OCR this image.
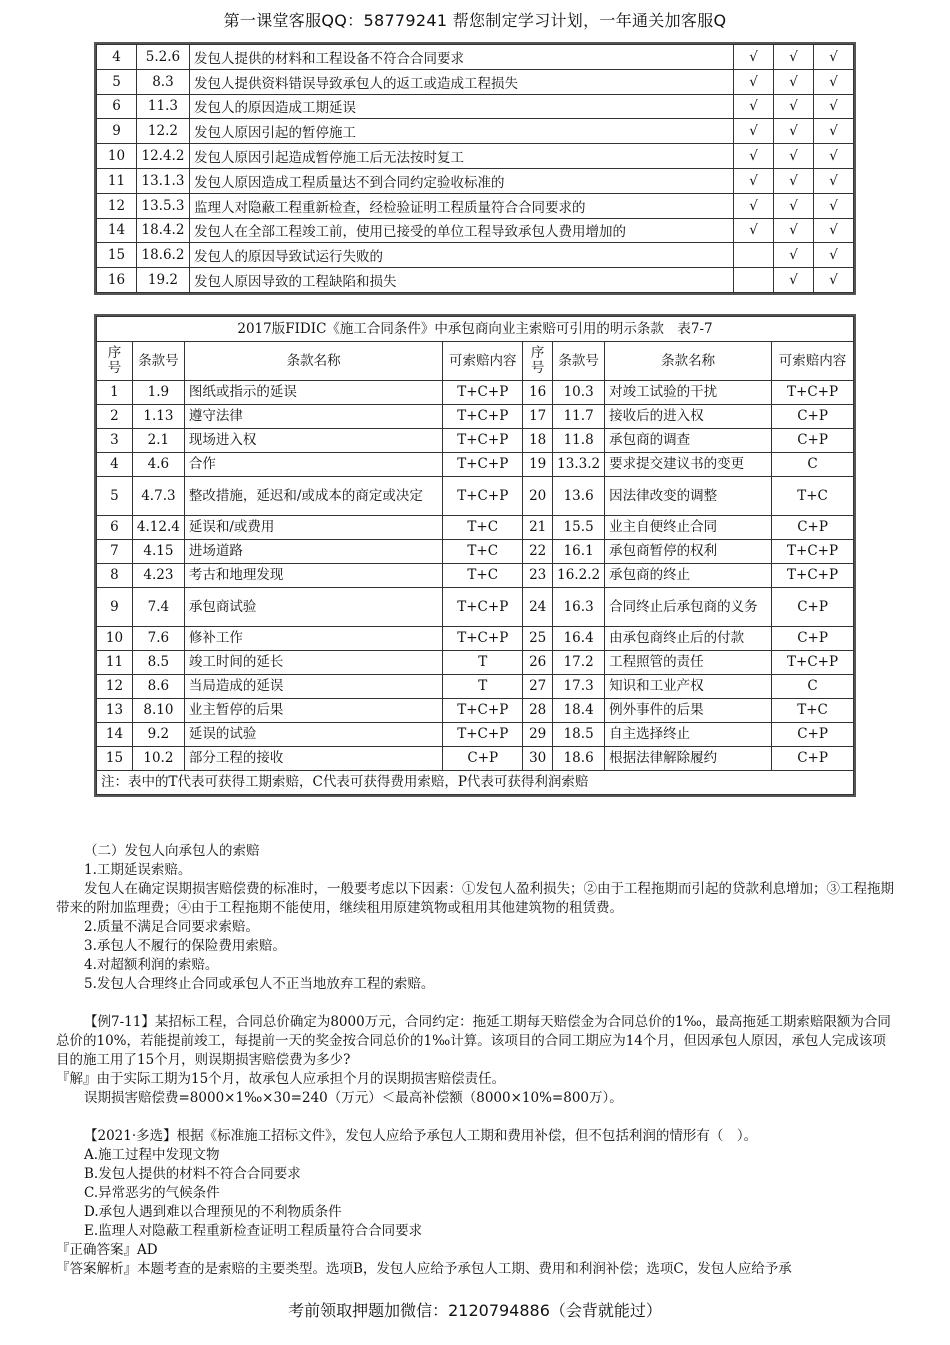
第一课堂客服QQ：58779241 帮您制定学习计划，一年通关加客服Q
4	5.2.6	发包人提供的材料和工程设备不符合合同要求	√	√	√
5	8.3	发包人提供资料错误导致承包人的返工或造成工程损失	√	√	√
6	11.3	发包人的原因造成工期延误	√	√	√
9	12.2	发包人原因引起的暂停施工	√	√	√
10	12.4.2	发包人原因引起造成暂停施工后无法按时复工	√	√	√
11	13.1.3	发包人原因造成工程质量达不到合同约定验收标准的	√	√	√
12	13.5.3	监理人对隐蔽工程重新检查，经检验证明工程质量符合合同要求的	√	√	√
14	18.4.2	发包人在全部工程竣工前，使用已接受的单位工程导致承包人费用增加的	√	√	√
15	18.6.2	发包人的原因导致试运行失败的		√	√
16	19.2	发包人原因导致的工程缺陷和损失		√	√
2017版FIDIC《施工合同条件》中承包商向业主索赔可引用的明示条款　表7-7							
序号	条款号	条款名称	可索赔内容	序号	条款号	条款名称	可索赔内容
1	1.9	图纸或指示的延误	T+C+P	16	10.3	对竣工试验的干扰	T+C+P
2	1.13	遵守法律	T+C+P	17	11.7	接收后的进入权	C+P
3	2.1	现场进入权	T+C+P	18	11.8	承包商的调查	C+P
4	4.6	合作	T+C+P	19	13.3.2	要求提交建议书的变更	C
5	4.7.3	整改措施，延迟和/或成本的商定或决定	T+C+P	20	13.6	因法律改变的调整	T+C
6	4.12.4	延误和/或费用	T+C	21	15.5	业主自便终止合同	C+P
7	4.15	进场道路	T+C	22	16.1	承包商暂停的权利	T+C+P
8	4.23	考古和地理发现	T+C	23	16.2.2	承包商的终止	T+C+P
9	7.4	承包商试验	T+C+P	24	16.3	合同终止后承包商的义务	C+P
10	7.6	修补工作	T+C+P	25	16.4	由承包商终止后的付款	C+P
11	8.5	竣工时间的延长	T	26	17.2	工程照管的责任	T+C+P
12	8.6	当局造成的延误	T	27	17.3	知识和工业产权	C
13	8.10	业主暂停的后果	T+C+P	28	18.4	例外事件的后果	T+C
14	9.2	延误的试验	T+C+P	29	18.5	自主选择终止	C+P
15	10.2	部分工程的接收	C+P	30	18.6	根据法律解除履约	C+P
注：表中的T代表可获得工期索赔，C代表可获得费用索赔，P代表可获得利润索赔							

（二）发包人向承包人的索赔

1.工期延误索赔。

发包人在确定误期损害赔偿费的标准时，一般要考虑以下因素：①发包人盈利损失；②由于工程拖期而引起的贷款利息增加；③工程拖期带来的附加监理费；④由于工程拖期不能使用，继续租用原建筑物或租用其他建筑物的租赁费。

2.质量不满足合同要求索赔。

3.承包人不履行的保险费用索赔。

4.对超额利润的索赔。

5.发包人合理终止合同或承包人不正当地放弃工程的索赔。

【例7-11】某招标工程，合同总价确定为8000万元，合同约定：拖延工期每天赔偿金为合同总价的1‰，最高拖延工期索赔限额为合同总价的10%，若能提前竣工，每提前一天的奖金按合同总价的1‰计算。该项目的合同工期应为14个月，但因承包人原因，承包人完成该项目的施工用了15个月，则误期损害赔偿费为多少?

『解』由于实际工期为15个月，故承包人应承担个月的误期损害赔偿责任。

误期损害赔偿费=8000×1‰×30=240（万元）＜最高补偿额（8000×10%=800万）。

【2021·多选】根据《标准施工招标文件》，发包人应给予承包人工期和费用补偿，但不包括利润的情形有（　）。

A.施工过程中发现文物

B.发包人提供的材料不符合合同要求

C.异常恶劣的气候条件

D.承包人遇到难以合理预见的不利物质条件

E.监理人对隐蔽工程重新检查证明工程质量符合合同要求

『正确答案』AD

『答案解析』本题考查的是索赔的主要类型。选项B，发包人应给予承包人工期、费用和利润补偿；选项C，发包人应给予承

考前领取押题加微信：2120794886（会背就能过）
